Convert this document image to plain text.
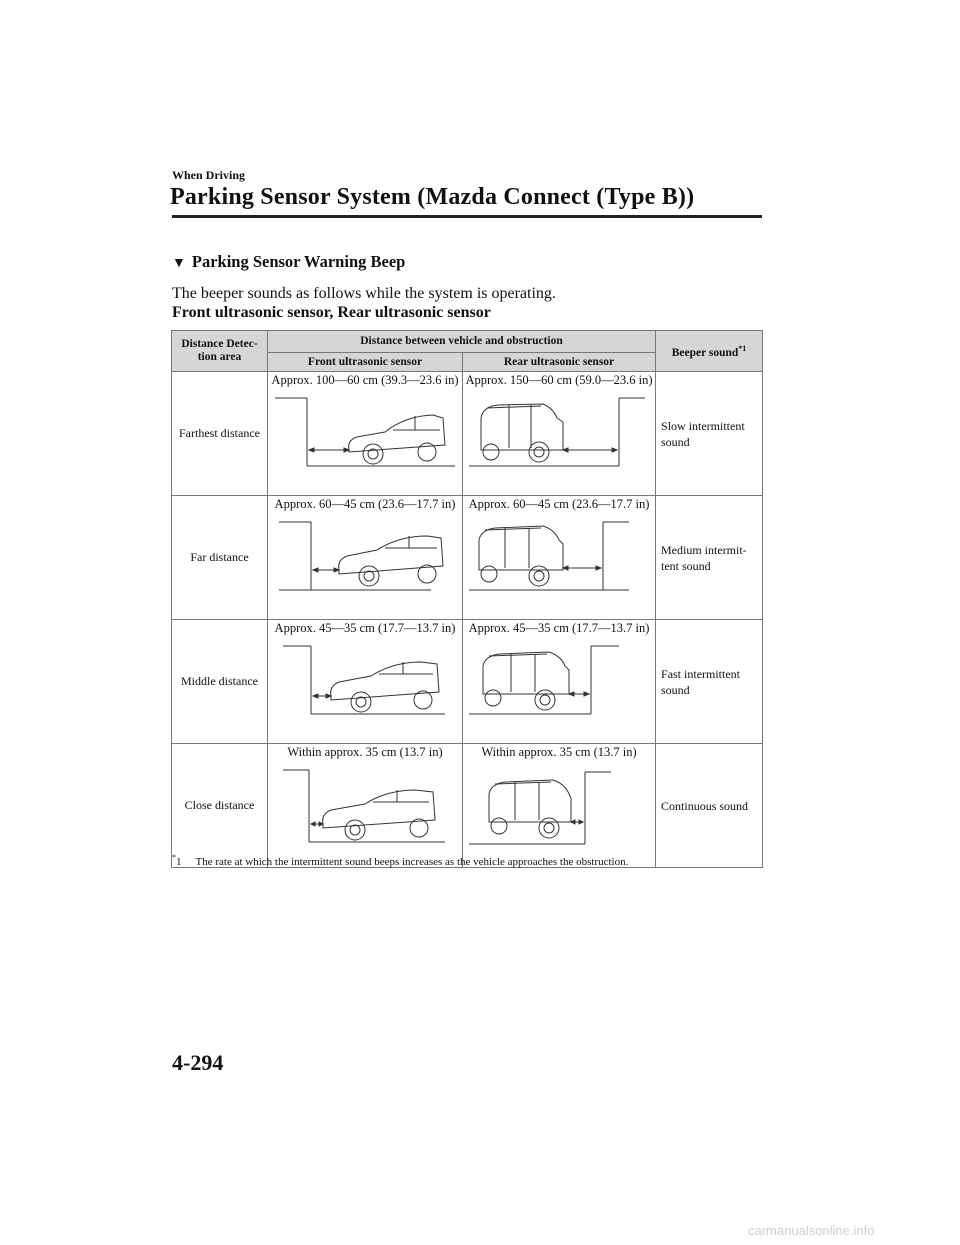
When Driving
Parking Sensor System (Mazda Connect (Type B))
▼ Parking Sensor Warning Beep
The beeper sounds as follows while the system is operating.
Front ultrasonic sensor, Rear ultrasonic sensor
Distance Detec-tion area	Distance between vehicle and obstruction		Beeper sound$^{*1}$
	Front ultrasonic sensor	Rear ultrasonic sensor	
Farthest distance	Approx. 100―60 cm (39.3―23.6 in)	Approx. 150―60 cm (59.0―23.6 in)	Slow intermittent sound
Far distance	Approx. 60―45 cm (23.6―17.7 in)	Approx. 60―45 cm (23.6―17.7 in)	Medium intermit-tent sound
Middle distance	Approx. 45―35 cm (17.7―13.7 in)	Approx. 45―35 cm (17.7―13.7 in)	Fast intermittent sound
Close distance	Within approx. 35 cm (13.7 in)	Within approx. 35 cm (13.7 in)	Continuous sound
*1 The rate at which the intermittent sound beeps increases as the vehicle approaches the obstruction.
4-294
carmanualsonline.info
